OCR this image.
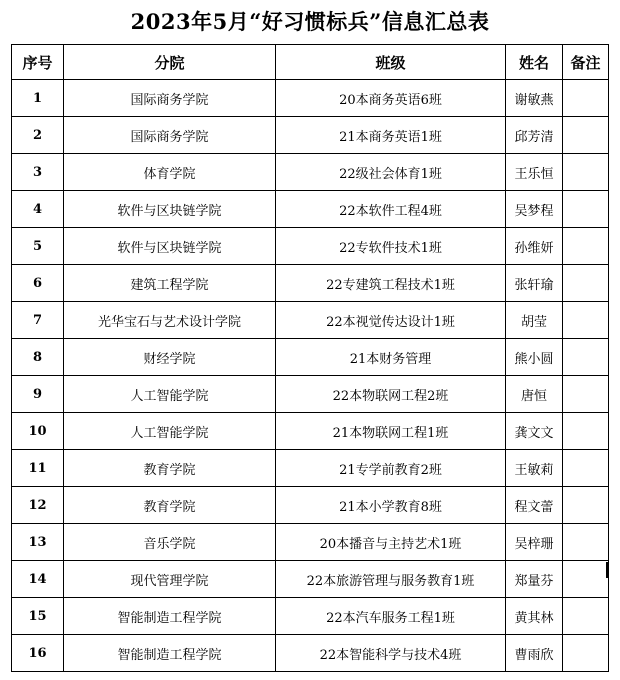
2023年5月“好习惯标兵”信息汇总表
序号	分院	班级	姓名	备注
1	国际商务学院	20本商务英语6班	谢敏燕	
2	国际商务学院	21本商务英语1班	邱芳清	
3	体育学院	22级社会体育1班	王乐恒	
4	软件与区块链学院	22本软件工程4班	吴梦程	
5	软件与区块链学院	22专软件技术1班	孙维妍	
6	建筑工程学院	22专建筑工程技术1班	张轩瑜	
7	光华宝石与艺术设计学院	22本视觉传达设计1班	胡莹	
8	财经学院	21本财务管理	熊小圆	
9	人工智能学院	22本物联网工程2班	唐恒	
10	人工智能学院	21本物联网工程1班	龚文文	
11	教育学院	21专学前教育2班	王敏莉	
12	教育学院	21本小学教育8班	程文蕾	
13	音乐学院	20本播音与主持艺术1班	吴梓珊	
14	现代管理学院	22本旅游管理与服务教育1班	郑量芬	
15	智能制造工程学院	22本汽车服务工程1班	黄其林	
16	智能制造工程学院	22本智能科学与技术4班	曹雨欣	
